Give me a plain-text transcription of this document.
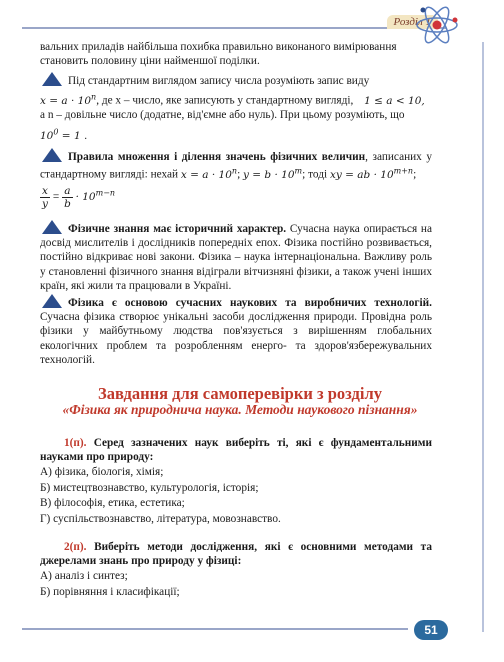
Розділ 1

вальних приладів найбільша похибка правильно виконаного вимірювання

становить половину ціни найменшої поділки.

Під стандартним виглядом запису числа розуміють запис виду

$x = a \cdot 10^n$, де x – число, яке записують у стандартному вигляді, 1 ≤ a < 10,

а n – довільне число (додатне, від'ємне або нуль). При цьому розуміють, що

$10^0 = 1$ .

Правила множення і ділення значень фізичних величин, записаних у стандартному вигляді: нехай $x = a \cdot 10^n$; $y = b \cdot 10^m$; тоді xy = ab · $10^{m+n}$;

$\frac{x}{y} = \frac{a}{b} \cdot 10^{m-n}$

Фізичне знання має історичний характер. Сучасна наука опирається на досвід мислителів і дослідників попередніх епох. Фізика постійно розвивається, постійно відкриває нові закони. Фізика – наука інтернаціональна. Важливу роль у становленні фізичного знання відіграли вітчизняні фізики, а також учені інших країн, які жили та працювали в Україні.

Фізика є основою сучасних наукових та виробничих технологій. Сучасна фізика створює унікальні засоби дослідження природи. Провідна роль фізики у майбутньому людства пов'язується з вирішенням глобальних екологічних проблем та розробленням енерго- та здоров'язбережувальних технологій.

Завдання для самоперевірки з розділу
«Фізика як природнича наука. Методи наукового пізнання»

1(п). Серед зазначених наук виберіть ті, які є фундаментальними науками про природу:

А) фізика, біологія, хімія;
Б) мистецтвознавство, культурологія, історія;
В) філософія, етика, естетика;
Г) суспільствознавство, література, мовознавство.

2(п). Виберіть методи дослідження, які є основними методами та джерелами знань про природу у фізиці:

А) аналіз і синтез;
Б) порівняння і класифікації;
51
